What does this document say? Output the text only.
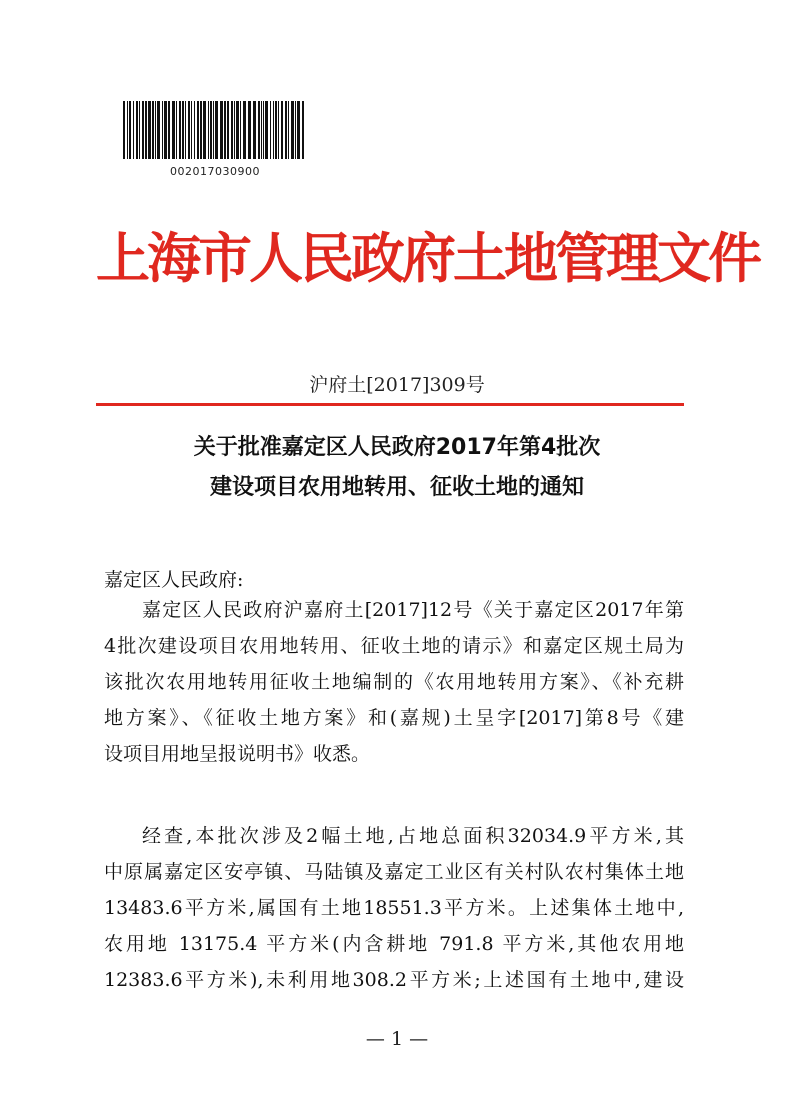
002017030900
上海市人民政府土地管理文件
沪府土[2017]309号
关于批准嘉定区人民政府2017年第4批次
建设项目农用地转用、征收土地的通知
嘉定区人民政府:
嘉定区人民政府沪嘉府土[2017]12号《关于嘉定区2017年第
4批次建设项目农用地转用、征收土地的请示》和嘉定区规土局为
该批次农用地转用征收土地编制的《农用地转用方案》、《补充耕
地方案》、《征收土地方案》和(嘉规)土呈字[2017]第8号《建
设项目用地呈报说明书》收悉。
经查,本批次涉及2幅土地,占地总面积32034.9平方米,其
中原属嘉定区安亭镇、马陆镇及嘉定工业区有关村队农村集体土地
13483.6平方米,属国有土地18551.3平方米。上述集体土地中,
农用地 13175.4 平方米(内含耕地 791.8 平方米,其他农用地
12383.6平方米),未利用地308.2平方米;上述国有土地中,建设
— 1 —
